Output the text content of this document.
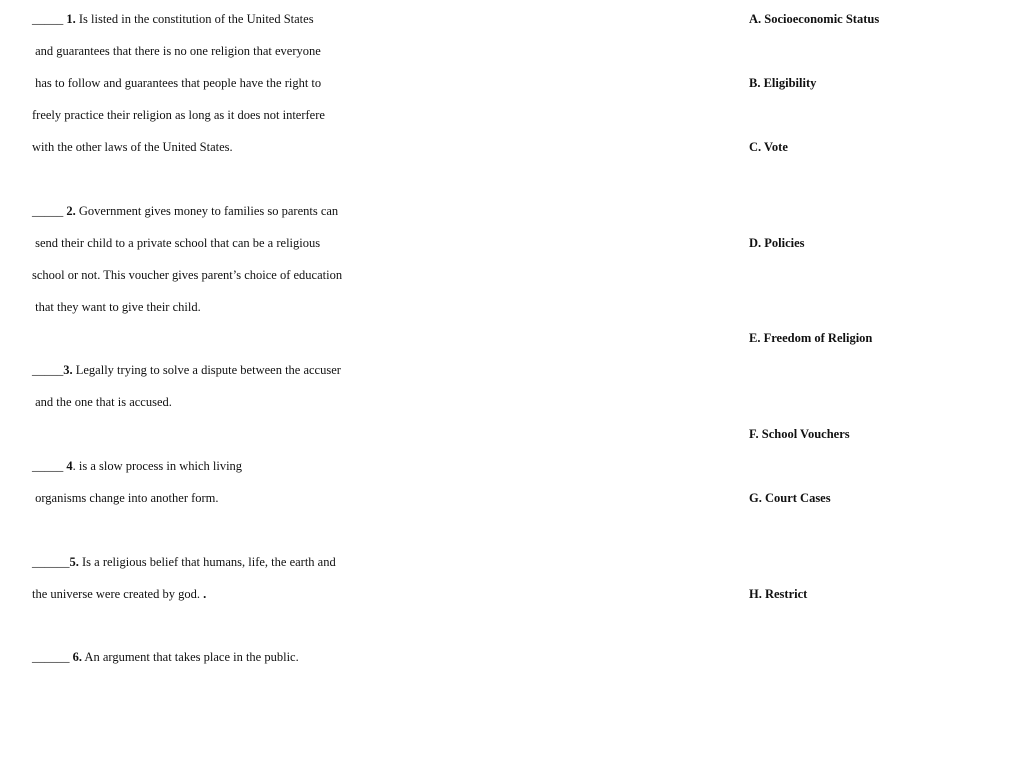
_____ 1. Is listed in the constitution of the United States

and guarantees that there is no one religion that everyone

has to follow and guarantees that people have the right to

freely practice their religion as long as it does not interfere

with the other laws of the United States.

_____ 2. Government gives money to families so parents can

send their child to a private school that can be a religious

school or not. This voucher gives parent’s choice of education

that they want to give their child.

_____3. Legally trying to solve a dispute between the accuser

and the one that is accused.

_____ 4. is a slow process in which living

organisms change into another form.

______5. Is a religious belief that humans, life, the earth and

the universe were created by god. .

______ 6. An argument that takes place in the public.

A. Socioeconomic Status

B. Eligibility

C. Vote

D. Policies

E. Freedom of Religion

F. School Vouchers

G. Court Cases

H. Restrict
